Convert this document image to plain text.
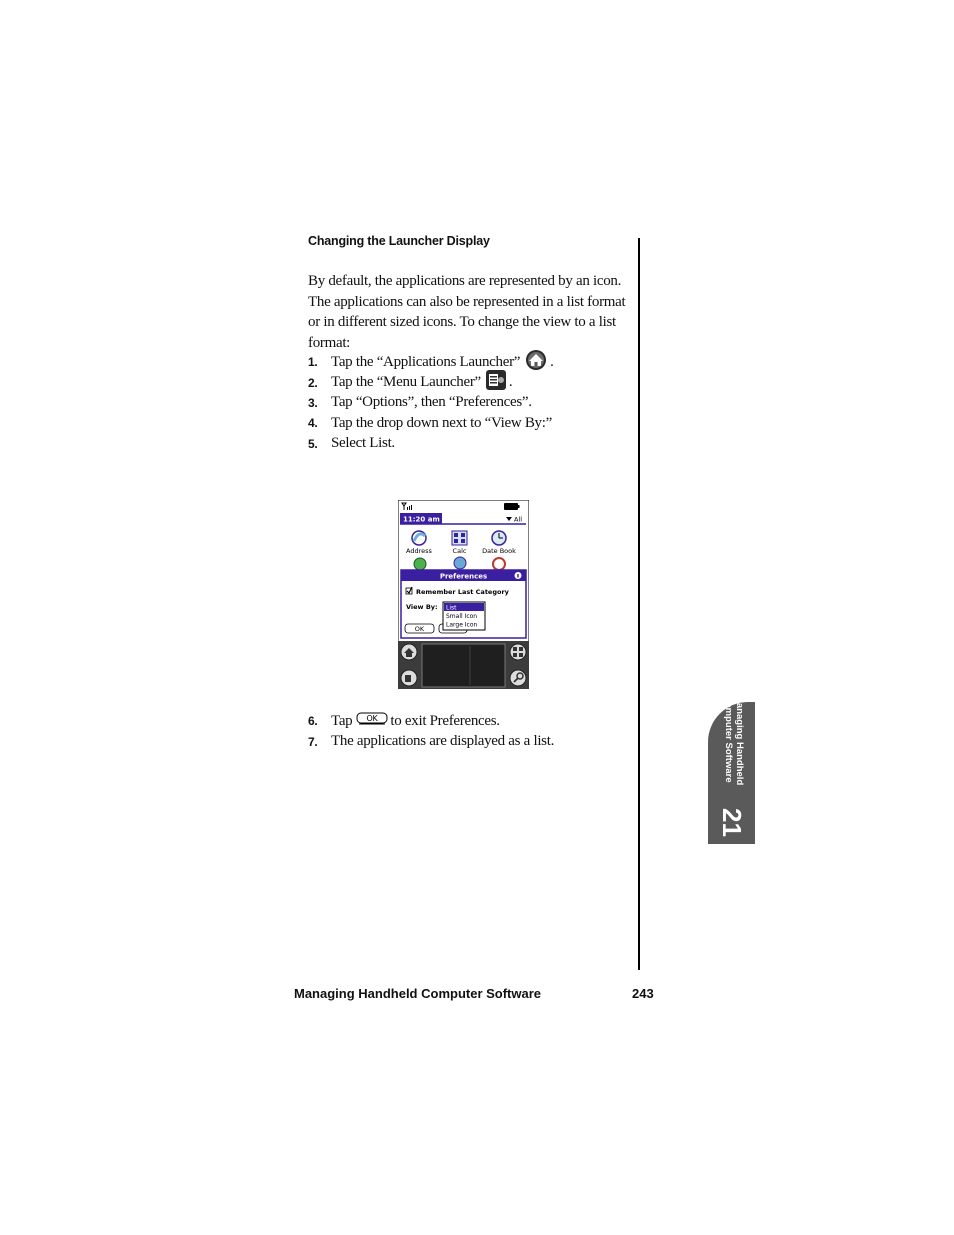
Changing the Launcher Display
By default, the applications are represented by an icon. The applications can also be represented in a list format or in different sized icons. To change the view to a list format:
1. Tap the “Applications Launcher” .
2. Tap the “Menu Launcher” .
3. Tap “Options”, then “Preferences”.
4. Tap the drop down next to “View By:”
5. Select List.
11:20 am	All
Address	Calc Date Book
Preferences
Remember Last Category
View By:
OK
List
Small Icon
Large Icon
6. Tap OK to exit Preferences.
7. The applications are displayed as a list.	Managing Handheld
Computer Software
21
Managing Handheld Computer Software	243
